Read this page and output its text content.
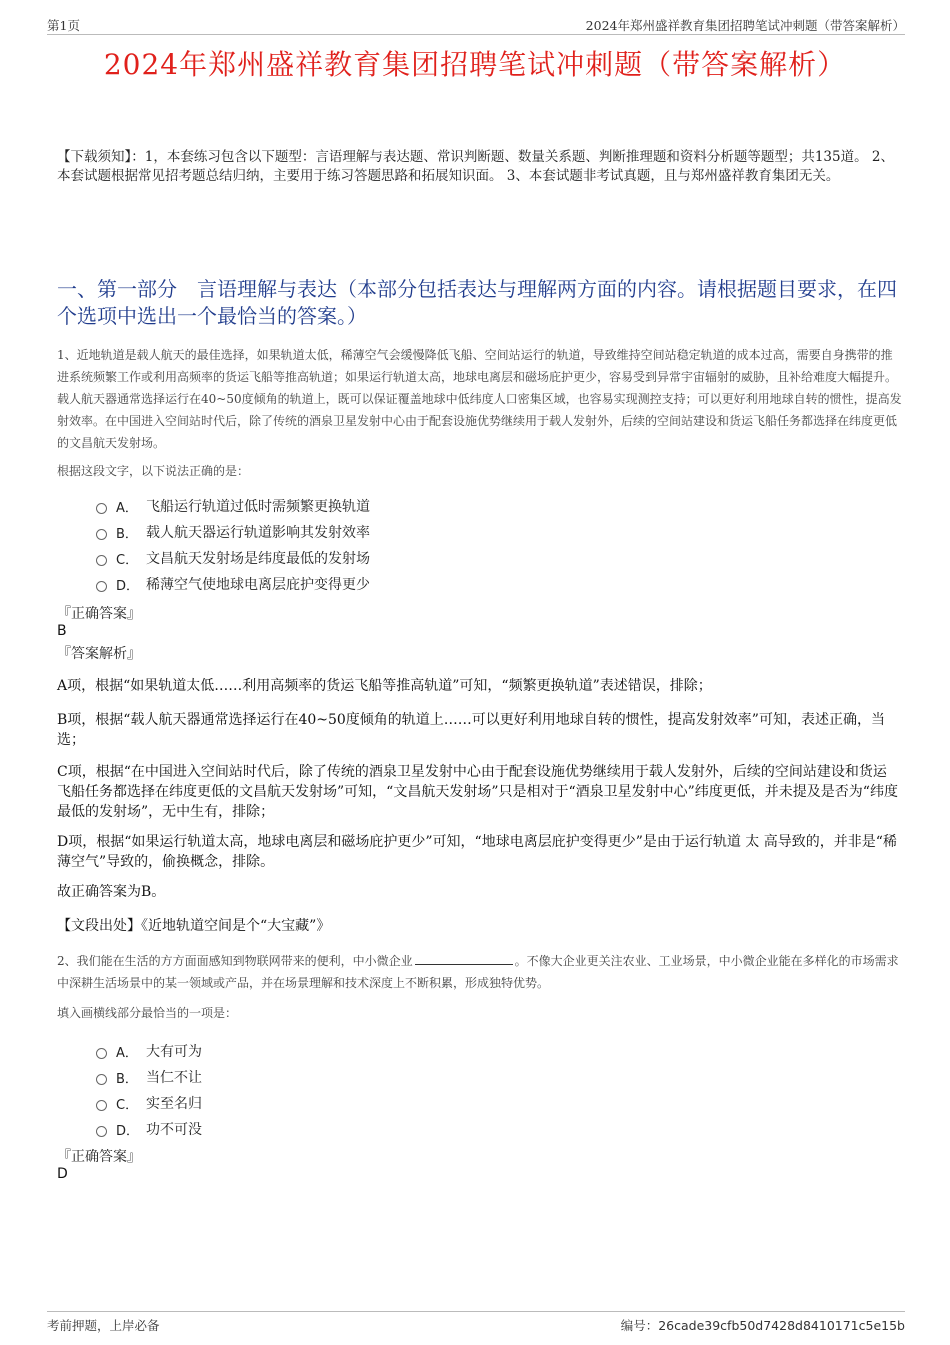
第1页	2024年郑州盛祥教育集团招聘笔试冲刺题（带答案解析）
2024年郑州盛祥教育集团招聘笔试冲刺题（带答案解析）
【下载须知】：1，本套练习包含以下题型：言语理解与表达题、常识判断题、数量关系题、判断推理题和资料分析题等题型；共135道。 2、本套试题根据常见招考题总结归纳，主要用于练习答题思路和拓展知识面。 3、本套试题非考试真题，且与郑州盛祥教育集团无关。
一、第一部分　言语理解与表达（本部分包括表达与理解两方面的内容。请根据题目要求，在四个选项中选出一个最恰当的答案。）
1、近地轨道是载人航天的最佳选择，如果轨道太低，稀薄空气会缓慢降低飞船、空间站运行的轨道，导致维持空间站稳定轨道的成本过高，需要自身携带的推进系统频繁工作或利用高频率的货运飞船等推高轨道；如果运行轨道太高，地球电离层和磁场庇护更少，容易受到异常宇宙辐射的威胁，且补给难度大幅提升。载人航天器通常选择运行在40~50度倾角的轨道上，既可以保证覆盖地球中低纬度人口密集区域，也容易实现测控支持；可以更好利用地球自转的惯性，提高发射效率。在中国进入空间站时代后，除了传统的酒泉卫星发射中心由于配套设施优势继续用于载人发射外，后续的空间站建设和货运飞船任务都选择在纬度更低的文昌航天发射场。
根据这段文字，以下说法正确的是：
A． 飞船运行轨道过低时需频繁更换轨道
B． 载人航天器运行轨道影响其发射效率
C． 文昌航天发射场是纬度最低的发射场
D． 稀薄空气使地球电离层庇护变得更少
『正确答案』
B
『答案解析』
A项，根据“如果轨道太低……利用高频率的货运飞船等推高轨道”可知，“频繁更换轨道”表述错误，排除；
B项，根据“载人航天器通常选择运行在40~50度倾角的轨道上……可以更好利用地球自转的惯性，提高发射效率”可知，表述正确，当选；
C项，根据“在中国进入空间站时代后，除了传统的酒泉卫星发射中心由于配套设施优势继续用于载人发射外，后续的空间站建设和货运飞船任务都选择在纬度更低的文昌航天发射场”可知，“文昌航天发射场”只是相对于“酒泉卫星发射中心”纬度更低，并未提及是否为“纬度最低的发射场”，无中生有，排除；
D项，根据“如果运行轨道太高，地球电离层和磁场庇护更少”可知，“地球电离层庇护变得更少”是由于运行轨道 太 高导致的，并非是“稀薄空气”导致的，偷换概念，排除。
故正确答案为B。
【文段出处】《近地轨道空间是个“大宝藏”》
2、我们能在生活的方方面面感知到物联网带来的便利，中小微企业	。不像大企业更关注农业、工业场景，中小微企业能在多样化的市场需求中深耕生活场景中的某一领域或产品，并在场景理解和技术深度上不断积累，形成独特优势。
填入画横线部分最恰当的一项是：
A． 大有可为
B． 当仁不让
C． 实至名归
D． 功不可没
『正确答案』
D
考前押题，上岸必备	编号：26cade39cfb50d7428d8410171c5e15b
